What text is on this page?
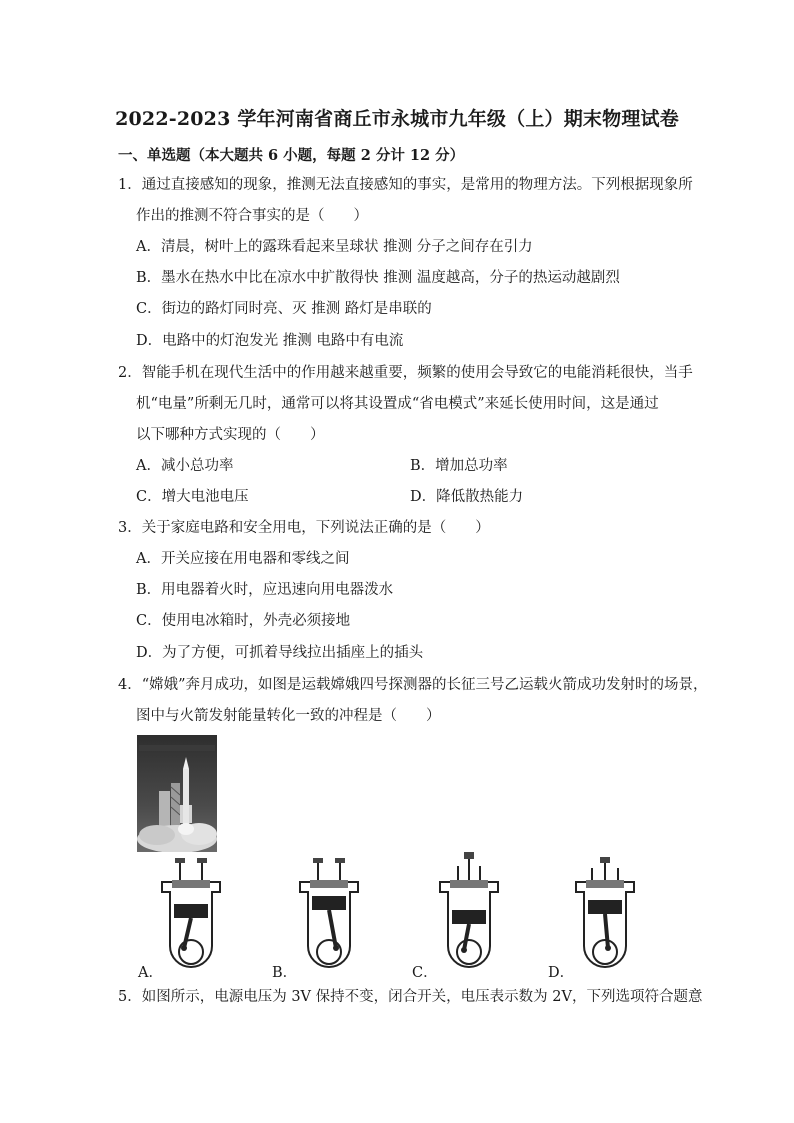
2022-2023 学年河南省商丘市永城市九年级（上）期末物理试卷
一、单选题（本大题共 6 小题，每题 2 分计 12 分）
1．通过直接感知的现象，推测无法直接感知的事实，是常用的物理方法。下列根据现象所
作出的推测不符合事实的是（　　）
A．清晨，树叶上的露珠看起来呈球状 推测 分子之间存在引力
B．墨水在热水中比在凉水中扩散得快 推测 温度越高，分子的热运动越剧烈
C．街边的路灯同时亮、灭 推测 路灯是串联的
D．电路中的灯泡发光 推测 电路中有电流
2．智能手机在现代生活中的作用越来越重要，频繁的使用会导致它的电能消耗很快，当手
机“电量”所剩无几时，通常可以将其设置成“省电模式”来延长使用时间，这是通过
以下哪种方式实现的（　　）
A．减小总功率	B．增加总功率
C．增大电池电压	D．降低散热能力
3．关于家庭电路和安全用电，下列说法正确的是（　　）
A．开关应接在用电器和零线之间
B．用电器着火时，应迅速向用电器泼水
C．使用电冰箱时，外壳必须接地
D．为了方便，可抓着导线拉出插座上的插头
4．“嫦娥”奔月成功，如图是运载嫦娥四号探测器的长征三号乙运载火箭成功发射时的场景，
图中与火箭发射能量转化一致的冲程是（　　）
A．	B．	C．	D．
5．如图所示，电源电压为 3V 保持不变，闭合开关，电压表示数为 2V，下列选项符合题意
